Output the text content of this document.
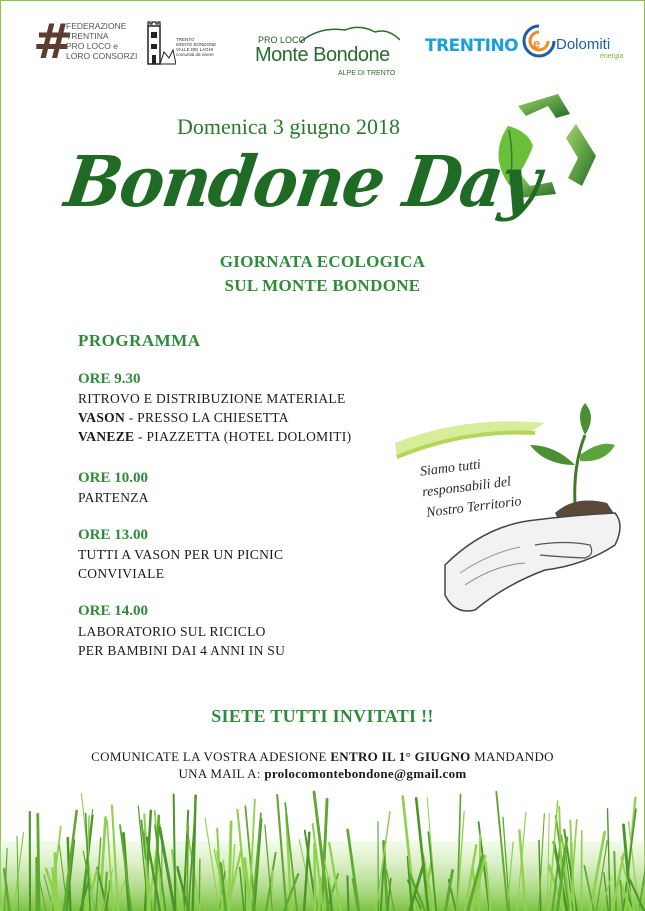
#
FEDERAZIONE
TRENTINA
PRO LOCO e
LORO CONSORZI
TRENTO
MONTE BONDONE
VALLE DEI LAGHI
comunità da vivere
PRO LOCO
Monte Bondone
ALPE DI TRENTO
TRENTINO e Dolomiti
energia
Domenica 3 giugno 2018
Bondone Day
GIORNATA ECOLOGICA
SUL MONTE BONDONE
PROGRAMMA
ORE 9.30
RITROVO E DISTRIBUZIONE MATERIALE
VASON - PRESSO LA CHIESETTA
VANEZE - PIAZZETTA (HOTEL DOLOMITI)
ORE 10.00
PARTENZA
ORE 13.00
TUTTI A VASON PER UN PICNIC
CONVIVIALE
ORE 14.00
LABORATORIO SUL RICICLO
PER BAMBINI DAI 4 ANNI IN SU
Siamo tutti
responsabili del
Nostro Territorio
SIETE TUTTI INVITATI !!
COMUNICATE LA VOSTRA ADESIONE ENTRO IL 1° GIUGNO MANDANDO
UNA MAIL A: prolocomontebondone@gmail.com
